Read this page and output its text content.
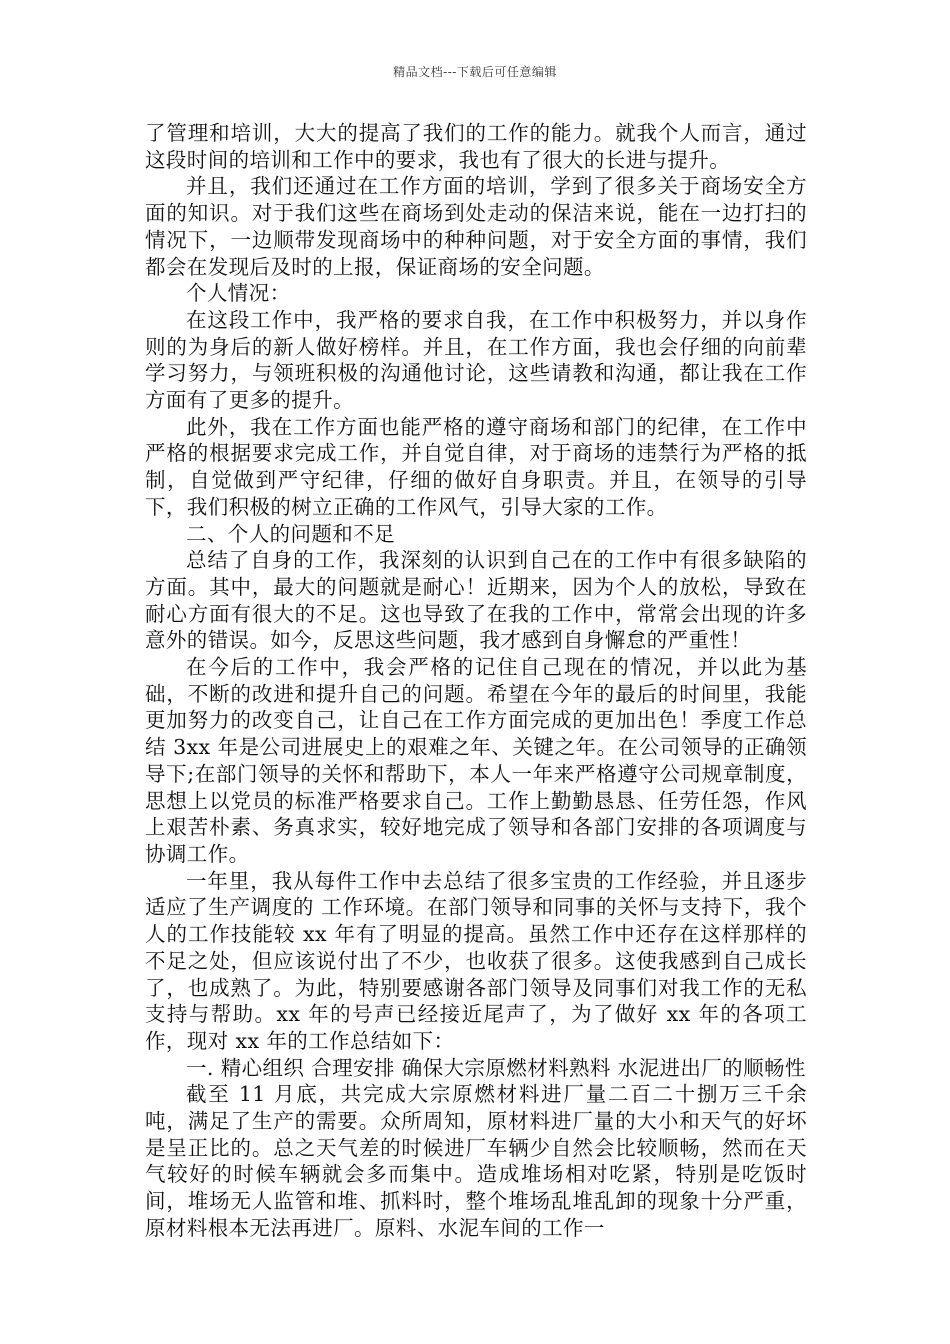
精品文档---下载后可任意编辑

了管理和培训，大大的提高了我们的工作的能力。就我个人而言，通过这段时间的培训和工作中的要求，我也有了很大的长进与提升。

并且，我们还通过在工作方面的培训，学到了很多关于商场安全方面的知识。对于我们这些在商场到处走动的保洁来说，能在一边打扫的情况下，一边顺带发现商场中的种种问题，对于安全方面的事情，我们都会在发现后及时的上报，保证商场的安全问题。

个人情况：

在这段工作中，我严格的要求自我，在工作中积极努力，并以身作则的为身后的新人做好榜样。并且，在工作方面，我也会仔细的向前辈学习努力，与领班积极的沟通他讨论，这些请教和沟通，都让我在工作方面有了更多的提升。

此外，我在工作方面也能严格的遵守商场和部门的纪律，在工作中严格的根据要求完成工作，并自觉自律，对于商场的违禁行为严格的抵制，自觉做到严守纪律，仔细的做好自身职责。并且，在领导的引导下，我们积极的树立正确的工作风气，引导大家的工作。

二、个人的问题和不足

总结了自身的工作，我深刻的认识到自己在的工作中有很多缺陷的方面。其中，最大的问题就是耐心！近期来，因为个人的放松，导致在耐心方面有很大的不足。这也导致了在我的工作中，常常会出现的许多意外的错误。如今，反思这些问题，我才感到自身懈怠的严重性！

在今后的工作中，我会严格的记住自己现在的情况，并以此为基础，不断的改进和提升自己的问题。希望在今年的最后的时间里，我能更加努力的改变自己，让自己在工作方面完成的更加出色！季度工作总结 3xx 年是公司进展史上的艰难之年、关键之年。在公司领导的正确领导下;在部门领导的关怀和帮助下，本人一年来严格遵守公司规章制度，思想上以党员的标准严格要求自己。工作上勤勤恳恳、任劳任怨，作风上艰苦朴素、务真求实，较好地完成了领导和各部门安排的各项调度与协调工作。

一年里，我从每件工作中去总结了很多宝贵的工作经验，并且逐步适应了生产调度的 工作环境。在部门领导和同事的关怀与支持下，我个人的工作技能较 xx 年有了明显的提高。虽然工作中还存在这样那样的不足之处，但应该说付出了不少，也收获了很多。这使我感到自己成长了，也成熟了。为此，特别要感谢各部门领导及同事们对我工作的无私支持与帮助。xx 年的号声已经接近尾声了，为了做好 xx 年的各项工作，现对 xx 年的工作总结如下：

一. 精心组织 合理安排 确保大宗原燃材料熟料 水泥进出厂的顺畅性

截至 11 月底，共完成大宗原燃材料进厂量二百二十捌万三千余吨，满足了生产的需要。众所周知，原材料进厂量的大小和天气的好坏是呈正比的。总之天气差的时候进厂车辆少自然会比较顺畅，然而在天气较好的时候车辆就会多而集中。造成堆场相对吃紧，特别是吃饭时间，堆场无人监管和堆、抓料时，整个堆场乱堆乱卸的现象十分严重，原材料根本无法再进厂。原料、水泥车间的工作一
